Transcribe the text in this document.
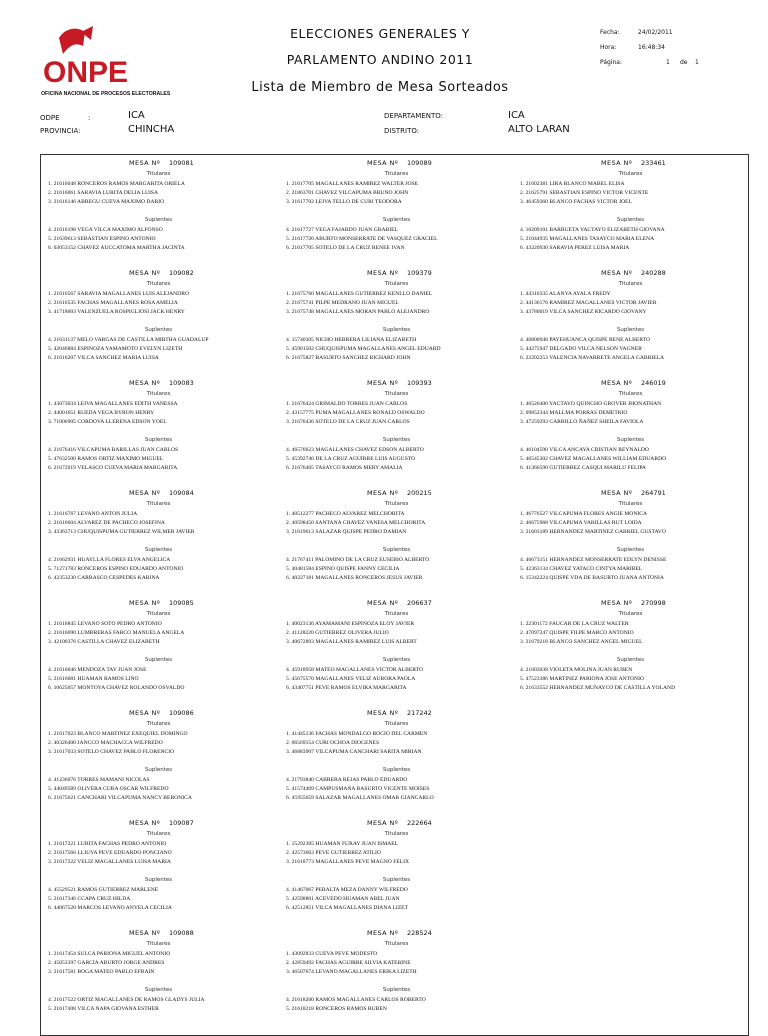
ONPE
OFICINA NACIONAL DE PROCESOS ELECTORALES
ELECCIONES GENERALES Y
PARLAMENTO ANDINO 2011
Lista de Miembro de Mesa Sorteados
Fecha:	24/02/2011
Hora:	16:48:34
Página:	1 de 1
ODPE	:	ICA
PROVINCIA:	CHINCHA
DEPARTAMENTO:	ICA
DISTRITO:	ALTO LARAN
MESA Nº 109081
Titulares
1. 21616048 RONCEROS RAMOS MARGARITA ORIELA
2. 21616061 SARAVIA LURITA DELIA LUISA
3. 21616146 ABREGU CUEVA MAXIMO DARIO
Suplentes
4. 21616198 VEGA VILCA MAXIMO ALFONSO
5. 21639613 SEBASTIAN ESPINO ANTONIO
6. 03053152 CHAVEZ AUCCATOMA MARTHA JACINTA
MESA Nº 109082
Titulares
1. 21616567 SARAVIA MAGALLANES LUIS ALEJANDRO
2. 21616535 FACHAS MAGALLANES ROSA AMELIA
3. 41718603 VALENZUELA ROSPIGLIOSI JACK HENRY
Suplentes
4. 21631137 MELO VARGAS DE CASTILLA MIRTHA GUADALUP
5. 42046884 ESPINOZA YAMAMOTO EVELYN LIZETH
6. 21616207 VILCA SANCHEZ MARIA LUISA
MESA Nº 109083
Titulares
1. 43073034 LEIVA MAGALLANES EDITH VANESSA
2. 44001651 RUEDA VEGA BYRON HENRY
3. 71006905 CORDOVA LLERENA EDSON YOEL
Suplentes
4. 21676416 VILCAPUMA BARILLAS JUAN CARLOS
5. 47632500 RAMOS ORTIZ MAXIMO MIGUEL
6. 21672019 VELASCO CUEVA MARIA MARGARITA
MESA Nº 109084
Titulares
1. 21616767 LEVANO ANTON JULIA
2. 21616604 ALVAREZ DE PACHECO JOSEFINA
3. 43363713 CHUQUISPUMA GUTIERREZ WILMER JAVIER
Suplentes
4. 21662931 HUAYLLA FLORES ELVA ANGELICA
5. 71271783 RONCEROS ESPINO EDUARDO ANTONIO
6. 42353230 CARRASCO CESPEDES KARINA
MESA Nº 109085
Titulares
1. 21616845 LEVANO SOTO PEDRO ANTONIO
2. 21616690 LUMBRERAS FARCO MANUELA ANGELA
3. 42100376 CASTILLA CHAVEZ ELIZABETH
Suplentes
4. 21616046 MENDOZA TAY JUAN JOSE
5. 21616081 HUAMAN RAMOS LINO
6. 10625057 MONTOYA CHAVEZ ROLANDO OSVALDO
MESA Nº 109086
Titulares
1. 21617023 BLANCO MARTINEZ EXEQUIEL DOMINGO
2. 40326400 JANCCO MACHACCA WILFREDO
3. 21617033 SOTELO CHAVEZ PABLO FLORENCIO
Suplentes
4. 41236076 TORRES MAMANI NICOLAS
5. 44049589 OLIVERA CUBA OSCAR WILFREDO
6. 21675621 CANCHARI VILCAPUMA NANCY BERONICA
MESA Nº 109087
Titulares
1. 21617221 LURITA FACHAS PEDRO ANTONIO
2. 21617566 LLIUYA PEVE EDUARDO PONCIANO
3. 21617222 VELIZ MAGALLANES LUISA MARIA
Suplentes
4. 45529521 RAMOS GUTIERREZ MARLENE
5. 21617346 CCAPA CRUZ HILDA
6. 44067520 MARCOS LEVANO ANYELA CECILIA
MESA Nº 109088
Titulares
1. 21617454 SULCA PARIONA MIGUEL ANTONIO
2. 45053397 GARCIA ABURTO JORGE ANDRES
3. 21617581 BOGA MATEO PABLO EFRAIN
Suplentes
4. 21617522 ORTIZ MAGALLANES DE RAMOS GLADYS JULIA
5. 21617408 VILCA NAPA GIOVANA ESTHER
MESA Nº 109089
Titulares
1. 21617705 MAGALLANES RAMIREZ WALTER JOSE
2. 21863701 CHAVEZ VILCAPUMA BRUNO JOHN
3. 21617702 LEIVA TELLO DE CURI TEODORA
Suplentes
4. 21617727 VEGA FAJARDO JUAN GRABIEL
5. 21617720 ABURTO MONSERRATE DE VASQUEZ GRACIEL
6. 21617705 SOTELO DE LA CRUZ RENEE IVAN
MESA Nº 109379
Titulares
1. 21675760 MAGALLANES GUTIERREZ KENLLO DANIEL
2. 21675741 PILPE MEDRANO JUAN MIGUEL
3. 21675748 MAGALLANES MORAN PABLO ALEJANDRO
Suplentes
4. 15740305 NICHO HERRERA LILIANA ELIZABETH
5. 45901502 CHUQUISPUMA MAGALLANES ANGEL EDUARD
6. 21675827 BASURTO SANCHEZ RICHARD JOHN
MESA Nº 109393
Titulares
1. 21676424 GRIMALDO TORRES JUAN CARLOS
2. 43157775 PUMA MAGALLANES RONALD OSWALDO
3. 21676436 SOTELO DE LA CRUZ JUAN CARLOS
Suplentes
4. 46576623 MAGALLANES CHAVEZ EDSON ALBERTO
5. 45392746 DE LA CRUZ AGUIRRE LUIS AUGUSTO
6. 21676405 TASAYCO RAMOS MERY AMALIA
MESA Nº 200215
Titulares
1. 40512277 PACHECO ALVAREZ MELCHORITA
2. 40598450 SANTANA CHAVEZ VANESA MELCHORITA
3. 21619613 SALAZAR QUISPE PEDRO DAMIAN
Suplentes
4. 21767411 PALOMINO DE LA CRUZ EUSEBIO ALBERTO
5. 40481584 ESPINO QUISPE FANNY CECILIA
6. 40227181 MAGALLANES RONCEROS JESUS JAVIER
MESA Nº 206637
Titulares
1. 40023136 AYAMAMANI ESPINOZA ELOY JAVIER
2. 41128220 GUTIERREZ OLIVERA JULIO
3. 40672893 MAGALLANES RAMIREZ LUIS ALBERT
Suplentes
4. 45918958 MATEO MAGALLANES VICTOR ALBERTO
5. 45675570 MAGALLANES VELIZ AURORA PAOLA
6. 43407751 PEVE RAMOS ELVIRA MARGARITA
MESA Nº 217242
Titulares
1. 41445136 FACHAS MONDALGO ROCIO DEL CARMEN
2. 06569154 CURI OCHOA DIOGENES
3. 46883907 VILCAPUMA CANCHARI SARITA MIRIAN
Suplentes
4. 21793840 CABRERA REJAS PABLO EDUARDO
5. 41574409 CAMPUSMANA BASURTO VICENTE MOISES
6. 45955659 SALAZAR MAGALLANES OMAR GIANCARLO
MESA Nº 222664
Titulares
1. 15292305 HUAMAN FURAY JUAN ISMAEL
2. 42573663 PEVE GUTIERREZ ATILIO
3. 21618773 MAGALLANES PEVE MAGNO FELIX
Suplentes
4. 41467067 PERALTA MEZA DANNY WILFREDO
5. 42598801 ACEVEDO HUAMAN ABEL JUAN
6. 42512851 VILCA MAGALLANES DIANA LIZET
MESA Nº 228524
Titulares
1. 43092833 CUEVA PEVE MODESTO
2. 42859492 FACHAS AGUIRRE SILVIA KATERINE
3. 46507674 LEVANO MAGALLANES ERIKA LIZETH
Suplentes
4. 21618200 RAMOS MAGALLANES CARLOS ROBERTO
5. 21618218 RONCEROS RAMOS RUBEN
MESA Nº 233461
Titulares
1. 21602381 LIRA BLANCO MABEL ELISA
2. 21625791 SEBASTIAN ESPINO VICTOR VICENTE
3. 46459360 BLANCO FACHAS VICTOR JOEL
Suplentes
4. 10209101 BARRUETA YACTAYO ELIZABETH GIOVANA
5. 21644935 MAGALLANES TASAYCO MARIA ELENA
6. 43220930 SARAVIA PEREZ LUISA MARIA
MESA Nº 240288
Titulares
1. 44310335 ALANYA AYALA FREDY
2. 44136176 RAMIREZ MAGALLANES VICTOR JAVIER
3. 43780019 VILCA SANCHEZ RICARDO GIOVANY
Suplentes
4. 40800948 PAYEHUANCA QUISPE RENE ALBERTO
5. 44275947 DELGADO VILCA NELSON VAGNER
6. 22202253 VALENCIA NAVARRETE ANGELA GABRIELA
MESA Nº 246019
Titulares
1. 46526400 YACTAYO QUINCHO GROVER JHONATHAN
2. 09852344 MALLMA PORRAS DEMETRIO
3. 47259293 CARRILLO ÑAÑEZ SHEILA FAVIOLA
Suplentes
4. 46104590 VILCA ANCAYA CRISTIAN REYNALDO
5. 46545302 CHAVEZ MAGALLANES WILLIAM EDUARDO
6. 41366590 GUTIERREZ CASQUI MARILU FELIPA
MESA Nº 264791
Titulares
1. 46776527 VILCAPUMA FLORES ANGIE MONICA
2. 46675968 VILCAPUMA VARILLAS RUT LOIDA
3. 21603189 HERNANDEZ MARTINEZ GABRIEL GUSTAVO
Suplentes
4. 46673151 HERNANDEZ MONSERRATE EDLYN DENISSE
5. 42363134 CHAVEZ YATACO CINTYA MARIBEL
6. 15342224 QUISPE VDA DE BASURTO JUANA ANTONIA
MESA Nº 270998
Titulares
1. 22301172 FAUCAR DE LA CRUZ WALTER
2. 47097247 QUISPE FILPE MARCO ANTONIO
3. 21679218 BLANCO SANCHEZ ANGEL MIGUEL
Suplentes
4. 21603038 VIOLETA MOLINA JUAN RUBEN
5. 47523386 MARTINEZ PARIONA JOSE ANTONIO
6. 21633552 HERNANDEZ MUNAYCO DE CASTILLA YOLAND
